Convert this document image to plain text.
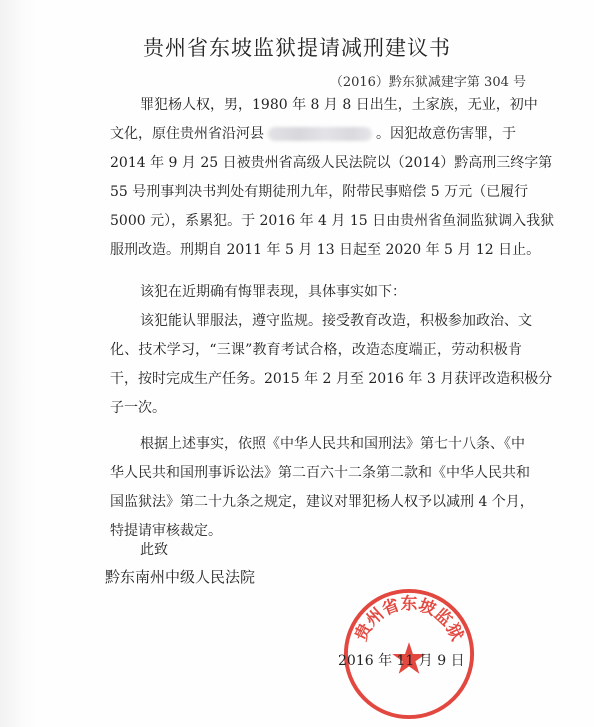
贵州省东坡监狱提请减刑建议书
（2016）黔东狱减建字第 304 号
罪犯杨人权，男，1980 年 8 月 8 日出生，土家族，无业，初中
文化，原住贵州省沿河县	。因犯故意伤害罪，于
2014 年 9 月 25 日被贵州省高级人民法院以（2014）黔高刑三终字第
55 号刑事判决书判处有期徒刑九年，附带民事赔偿 5 万元（已履行
5000 元），系累犯。于 2016 年 4 月 15 日由贵州省鱼洞监狱调入我狱
服刑改造。刑期自 2011 年 5 月 13 日起至 2020 年 5 月 12 日止。
该犯在近期确有悔罪表现，具体事实如下：
该犯能认罪服法，遵守监规。接受教育改造，积极参加政治、文
化、技术学习，“三课”教育考试合格，改造态度端正，劳动积极肯
干，按时完成生产任务。2015 年 2 月至 2016 年 3 月获评改造积极分
子一次。
根据上述事实，依照《中华人民共和国刑法》第七十八条、《中
华人民共和国刑事诉讼法》第二百六十二条第二款和《中华人民共和
国监狱法》第二十九条之规定，建议对罪犯杨人权予以减刑 4 个月，
特提请审核裁定。
此致
黔东南州中级人民法院
贵州省东坡监狱
2016 年 11 月 9 日
